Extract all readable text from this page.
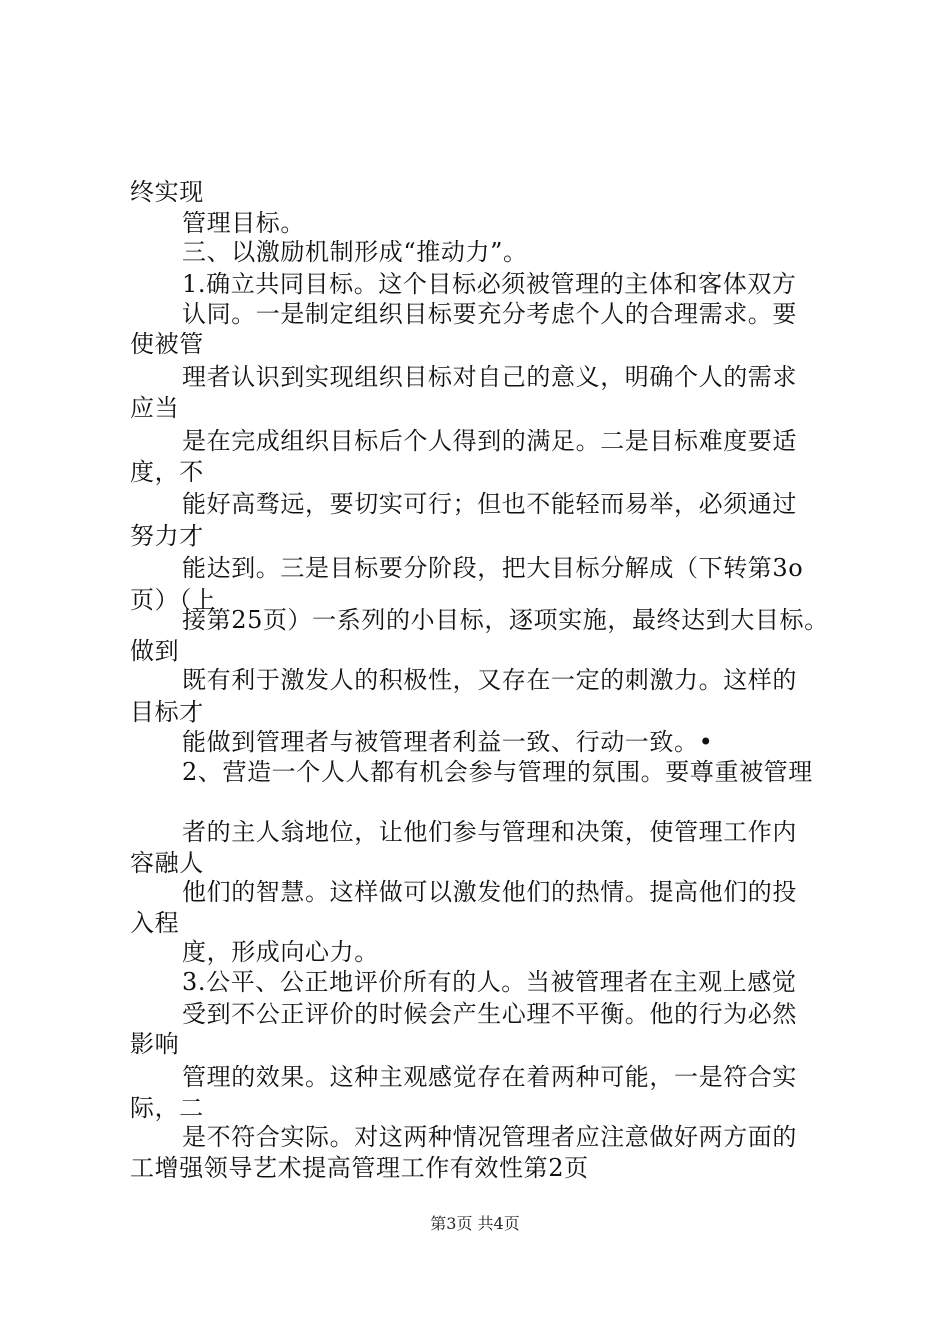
终实现
管理目标。
三、以激励机制形成“推动力”。
1.确立共同目标。这个目标必须被管理的主体和客体双方
认同。一是制定组织目标要充分考虑个人的合理需求。要
使被管
理者认识到实现组织目标对自己的意义，明确个人的需求
应当
是在完成组织目标后个人得到的满足。二是目标难度要适
度，不
能好高骛远，要切实可行；但也不能轻而易举，必须通过
努力才
能达到。三是目标要分阶段，把大目标分解成（下转第3o
页）（上
接第25页）一系列的小目标，逐项实施，最终达到大目标。
做到
既有利于激发人的积极性，又存在一定的刺激力。这样的
目标才
能做到管理者与被管理者利益一致、行动一致。•
2、营造一个人人都有机会参与管理的氛围。要尊重被管理
者的主人翁地位，让他们参与管理和决策，使管理工作内
容融人
他们的智慧。这样做可以激发他们的热情。提高他们的投
入程
度，形成向心力。
3.公平、公正地评价所有的人。当被管理者在主观上感觉
受到不公正评价的时候会产生心理不平衡。他的行为必然
影响
管理的效果。这种主观感觉存在着两种可能，一是符合实
际，二
是不符合实际。对这两种情况管理者应注意做好两方面的
工增强领导艺术提高管理工作有效性第2页
第3页 共4页
